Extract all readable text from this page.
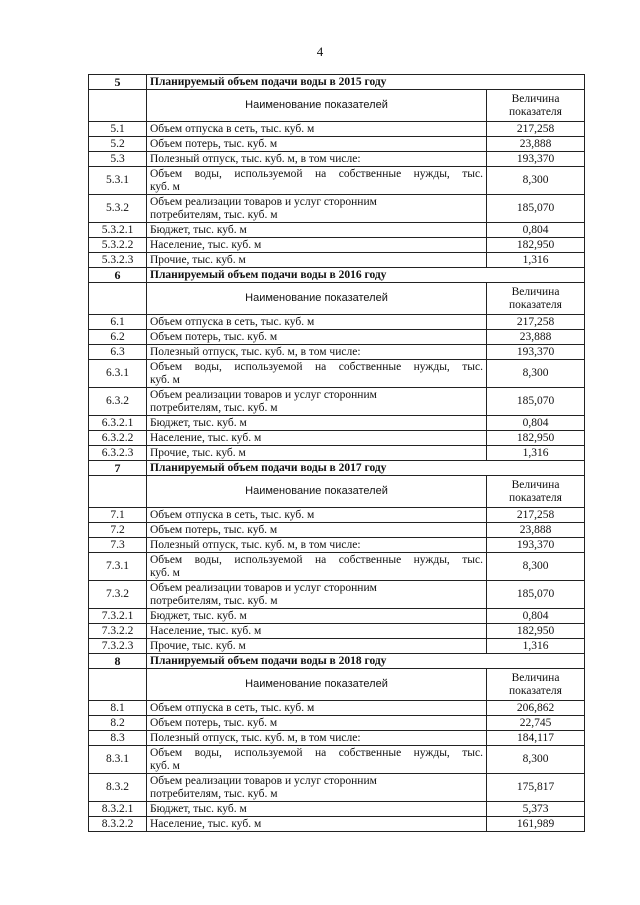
4
5	Планируемый объем подачи воды в 2015 году	
	Наименование показателей	Величина
показателя

5.1	Объем отпуска в сеть, тыс. куб. м	217,258
5.2	Объем потерь, тыс. куб. м	23,888
5.3	Полезный отпуск, тыс. куб. м, в том числе:	193,370
5.3.1	Объем воды, используемой на собственные нужды, тыс.
куб. м	8,300
5.3.2	Объем реализации товаров и услуг сторонним
потребителям, тыс. куб. м	185,070
5.3.2.1	Бюджет, тыс. куб. м	0,804
5.3.2.2	Население, тыс. куб. м	182,950
5.3.2.3	Прочие, тыс. куб. м	1,316
6	Планируемый объем подачи воды в 2016 году	
	Наименование показателей	Величина
показателя

6.1	Объем отпуска в сеть, тыс. куб. м	217,258
6.2	Объем потерь, тыс. куб. м	23,888
6.3	Полезный отпуск, тыс. куб. м, в том числе:	193,370
6.3.1	Объем воды, используемой на собственные нужды, тыс.
куб. м	8,300
6.3.2	Объем реализации товаров и услуг сторонним
потребителям, тыс. куб. м	185,070
6.3.2.1	Бюджет, тыс. куб. м	0,804
6.3.2.2	Население, тыс. куб. м	182,950
6.3.2.3	Прочие, тыс. куб. м	1,316
7	Планируемый объем подачи воды в 2017 году	
	Наименование показателей	Величина
показателя

7.1	Объем отпуска в сеть, тыс. куб. м	217,258
7.2	Объем потерь, тыс. куб. м	23,888
7.3	Полезный отпуск, тыс. куб. м, в том числе:	193,370
7.3.1	Объем воды, используемой на собственные нужды, тыс.
куб. м	8,300
7.3.2	Объем реализации товаров и услуг сторонним
потребителям, тыс. куб. м	185,070
7.3.2.1	Бюджет, тыс. куб. м	0,804
7.3.2.2	Население, тыс. куб. м	182,950
7.3.2.3	Прочие, тыс. куб. м	1,316
8	Планируемый объем подачи воды в 2018 году	
	Наименование показателей	Величина
показателя

8.1	Объем отпуска в сеть, тыс. куб. м	206,862
8.2	Объем потерь, тыс. куб. м	22,745
8.3	Полезный отпуск, тыс. куб. м, в том числе:	184,117
8.3.1	Объем воды, используемой на собственные нужды, тыс.
куб. м	8,300
8.3.2	Объем реализации товаров и услуг сторонним
потребителям, тыс. куб. м	175,817
8.3.2.1	Бюджет, тыс. куб. м	5,373
8.3.2.2	Население, тыс. куб. м	161,989
